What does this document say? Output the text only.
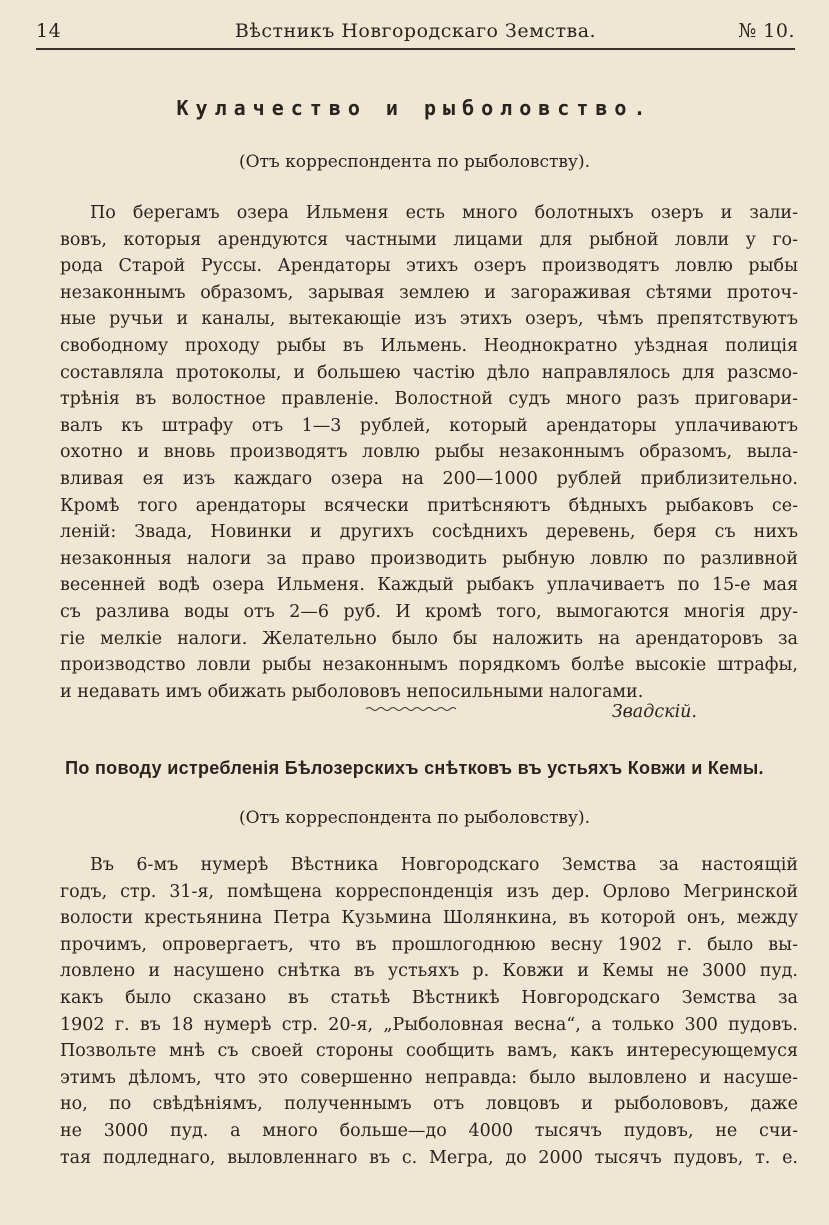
14	Вѣстникъ Новгородскаго Земства.	№ 10.
Кулачество и рыболовство.
(Отъ корреспондента по рыболовству).
По берегамъ озера Ильменя есть много болотныхъ озеръ и зали-
вовъ, которыя арендуются частными лицами для рыбной ловли у го-
рода Старой Руссы. Арендаторы этихъ озеръ производятъ ловлю рыбы
незаконнымъ образомъ, зарывая землею и загораживая сѣтями проточ-
ные ручьи и каналы, вытекающіе изъ этихъ озеръ, чѣмъ препятствуютъ
свободному проходу рыбы въ Ильмень. Неоднократно уѣздная полиція
составляла протоколы, и большею частію дѣло направлялось для разсмо-
трѣнія въ волостное правленіе. Волостной судъ много разъ приговари-
валъ къ штрафу отъ 1—3 рублей, который арендаторы уплачиваютъ
охотно и вновь производятъ ловлю рыбы незаконнымъ образомъ, выла-
вливая ея изъ каждаго озера на 200—1000 рублей приблизительно.
Кромѣ того арендаторы всячески притѣсняютъ бѣдныхъ рыбаковъ се-
леній: Звада, Новинки и другихъ сосѣднихъ деревень, беря съ нихъ
незаконныя налоги за право производить рыбную ловлю по разливной
весенней водѣ озера Ильменя. Каждый рыбакъ уплачиваетъ по 15-е мая
съ разлива воды отъ 2—6 руб. И кромѣ того, вымогаются многія дру-
гіе мелкіе налоги. Желательно было бы наложить на арендаторовъ за
производство ловли рыбы незаконнымъ порядкомъ болѣе высокіе штрафы,
и недавать имъ обижать рыболововъ непосильными налогами.
Звадскій.
По поводу истребленія Бѣлозерскихъ снѣтковъ въ устьяхъ Ковжи и Кемы.
(Отъ корреспондента по рыболовству).
Въ 6-мъ нумерѣ Вѣстника Новгородскаго Земства за настоящій
годъ, стр. 31-я, помѣщена корреспонденція изъ дер. Орлово Мегринской
волости крестьянина Петра Кузьмина Шолянкина, въ которой онъ, между
прочимъ, опровергаетъ, что въ прошлогоднюю весну 1902 г. было вы-
ловлено и насушено снѣтка въ устьяхъ р. Ковжи и Кемы не 3000 пуд.
какъ было сказано въ статьѣ Вѣстникѣ Новгородскаго Земства за
1902 г. въ 18 нумерѣ стр. 20-я, „Рыболовная весна“, а только 300 пудовъ.
Позвольте мнѣ съ своей стороны сообщить вамъ, какъ интересующемуся
этимъ дѣломъ, что это совершенно неправда: было выловлено и насуше-
но, по свѣдѣніямъ, полученнымъ отъ ловцовъ и рыболововъ, даже
не 3000 пуд. а много больше—до 4000 тысячъ пудовъ, не счи-
тая подледнаго, выловленнаго въ с. Мегра, до 2000 тысячъ пудовъ, т. е.
